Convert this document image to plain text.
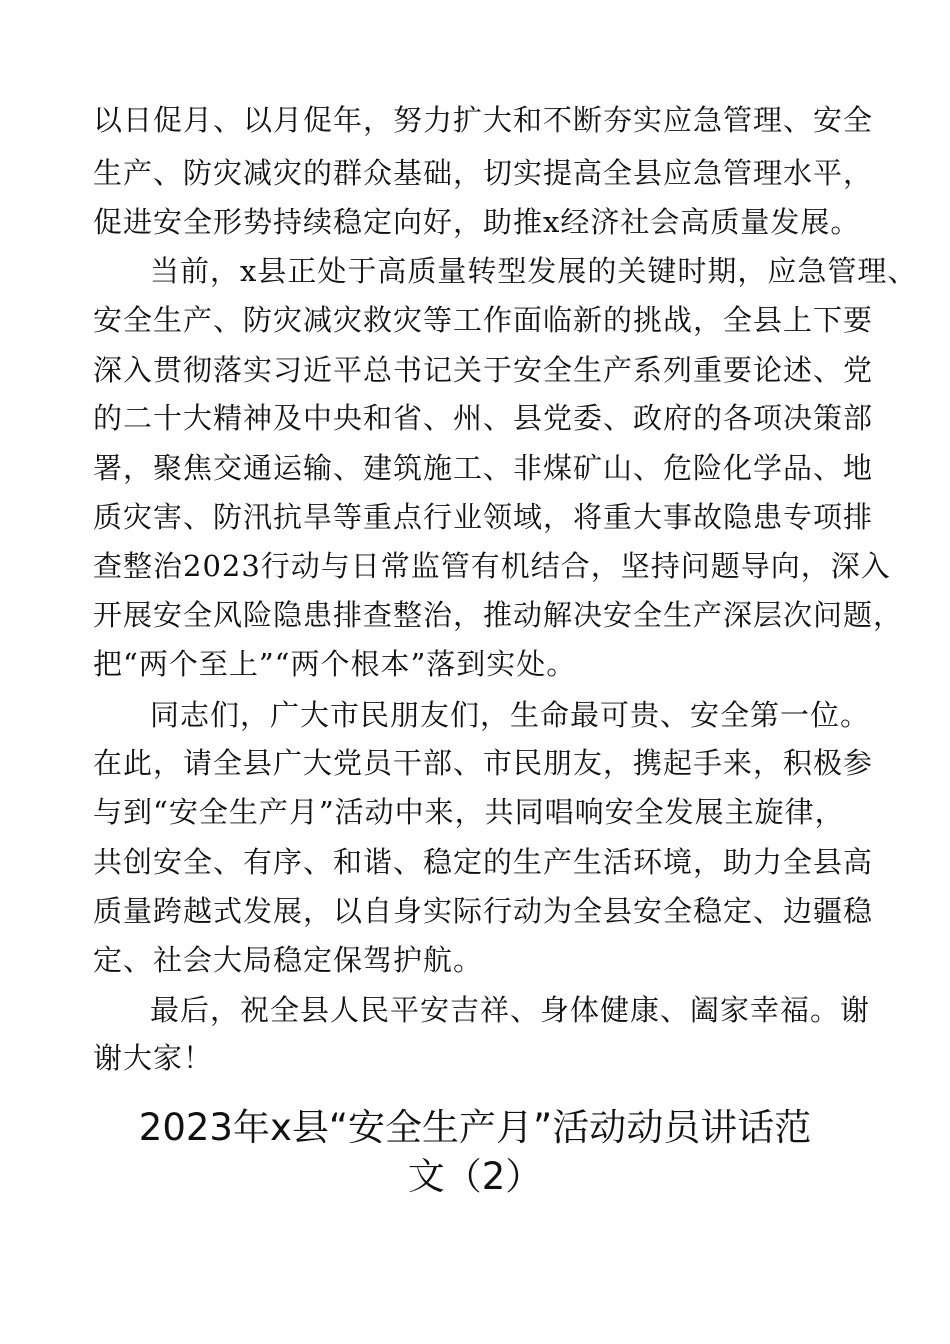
以日促月、以月促年，努力扩大和不断夯实应急管理、安全
生产、防灾减灾的群众基础，切实提高全县应急管理水平，
促进安全形势持续稳定向好，助推x经济社会高质量发展。
当前，x县正处于高质量转型发展的关键时期，应急管理、
安全生产、防灾减灾救灾等工作面临新的挑战，全县上下要
深入贯彻落实习近平总书记关于安全生产系列重要论述、党
的二十大精神及中央和省、州、县党委、政府的各项决策部
署，聚焦交通运输、建筑施工、非煤矿山、危险化学品、地
质灾害、防汛抗旱等重点行业领域，将重大事故隐患专项排
查整治2023行动与日常监管有机结合，坚持问题导向，深入
开展安全风险隐患排查整治，推动解决安全生产深层次问题，
把“两个至上”“两个根本”落到实处。
同志们，广大市民朋友们，生命最可贵、安全第一位。
在此，请全县广大党员干部、市民朋友，携起手来，积极参
与到“安全生产月”活动中来，共同唱响安全发展主旋律，
共创安全、有序、和谐、稳定的生产生活环境，助力全县高
质量跨越式发展，以自身实际行动为全县安全稳定、边疆稳
定、社会大局稳定保驾护航。
最后，祝全县人民平安吉祥、身体健康、阖家幸福。谢
谢大家！
2023年x县“安全生产月”活动动员讲话范
文（2）
